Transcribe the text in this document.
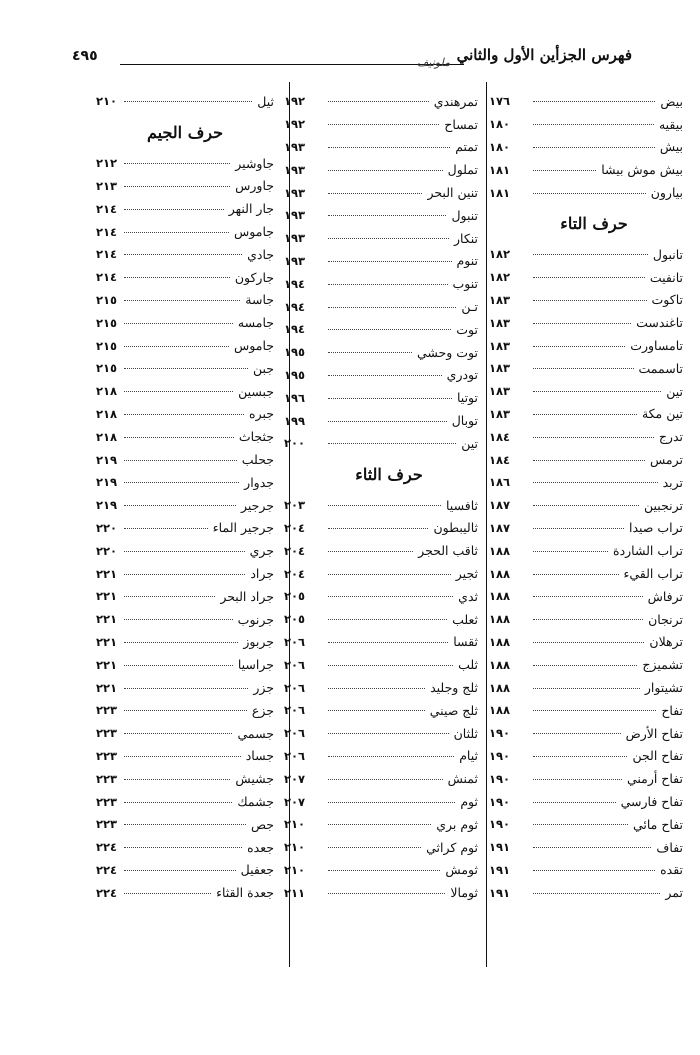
٤٩٥	ملونيف فهرس الجزأين الأول والثاني
بيض
١٧٦
بيقيه
١٨٠
بيش
١٨٠
بيش موش بيشا
١٨١
بيارون
١٨١
حرف التاء
تانبول
١٨٢
تانفيت
١٨٢
تاكوت
١٨٣
تاغندست
١٨٣
تامساورت
١٨٣
تاسممت
١٨٣
تين
١٨٣
تين مكة
١٨٣
تدرج
١٨٤
ترمس
١٨٤
تربد
١٨٦
ترنجبين
١٨٧
تراب صيدا
١٨٧
تراب الشاردة
١٨٨
تراب القيء
١٨٨
ترفاش
١٨٨
ترنجان
١٨٨
ترهلان
١٨٨
تشميزج
١٨٨
تشيتوار
١٨٨
تفاح
١٨٨
تفاح الأرض
١٩٠
تفاح الجن
١٩٠
تفاح أرمني
١٩٠
تفاح فارسي
١٩٠
تفاح مائي
١٩٠
تفاف
١٩١
تقده
١٩١
تمر
١٩١
تمرهندي
١٩٢
تمساح
١٩٢
تمتم
١٩٣
تملول
١٩٣
تنين البحر
١٩٣
تنبول
١٩٣
تنكار
١٩٣
تنوم
١٩٣
تنوب
١٩٤
تـن
١٩٤
توت
١٩٤
توت وحشي
١٩٥
تودري
١٩٥
توتيا
١٩٦
توبال
١٩٩
تين
٢٠٠
حرف الثاء
ثافسيا
٢٠٣
ثاليبطون
٢٠٤
ثاقب الحجر
٢٠٤
ثجير
٢٠٤
ثدي
٢٠٥
ثعلب
٢٠٥
ثقسا
٢٠٦
ثلب
٢٠٦
ثلج وجليد
٢٠٦
ثلج صيني
٢٠٦
ثلثان
٢٠٦
ثيام
٢٠٦
ثمنش
٢٠٧
ثوم
٢٠٧
ثوم بري
٢١٠
ثوم كراثي
٢١٠
ثومش
٢١٠
ثومالا
٢١١
ثيل
٢١٠
حرف الجيم
جاوشير
٢١٢
جاورس
٢١٣
جار النهر
٢١٤
جاموس
٢١٤
جادي
٢١٤
جاركون
٢١٤
جاسة
٢١٥
جامسه
٢١٥
جاموس
٢١٥
جبن
٢١٥
جبسين
٢١٨
جبره
٢١٨
جثجاث
٢١٨
جحلب
٢١٩
جدوار
٢١٩
جرجير
٢١٩
جرجير الماء
٢٢٠
جري
٢٢٠
جراد
٢٢١
جراد البحر
٢٢١
جرنوب
٢٢١
جربوز
٢٢١
جراسيا
٢٢١
جزر
٢٢١
جزع
٢٢٣
جسمي
٢٢٣
جساد
٢٢٣
جشيش
٢٢٣
جشمك
٢٢٣
جص
٢٢٣
جعده
٢٢٤
جعفيل
٢٢٤
جعدة القثاء
٢٢٤
